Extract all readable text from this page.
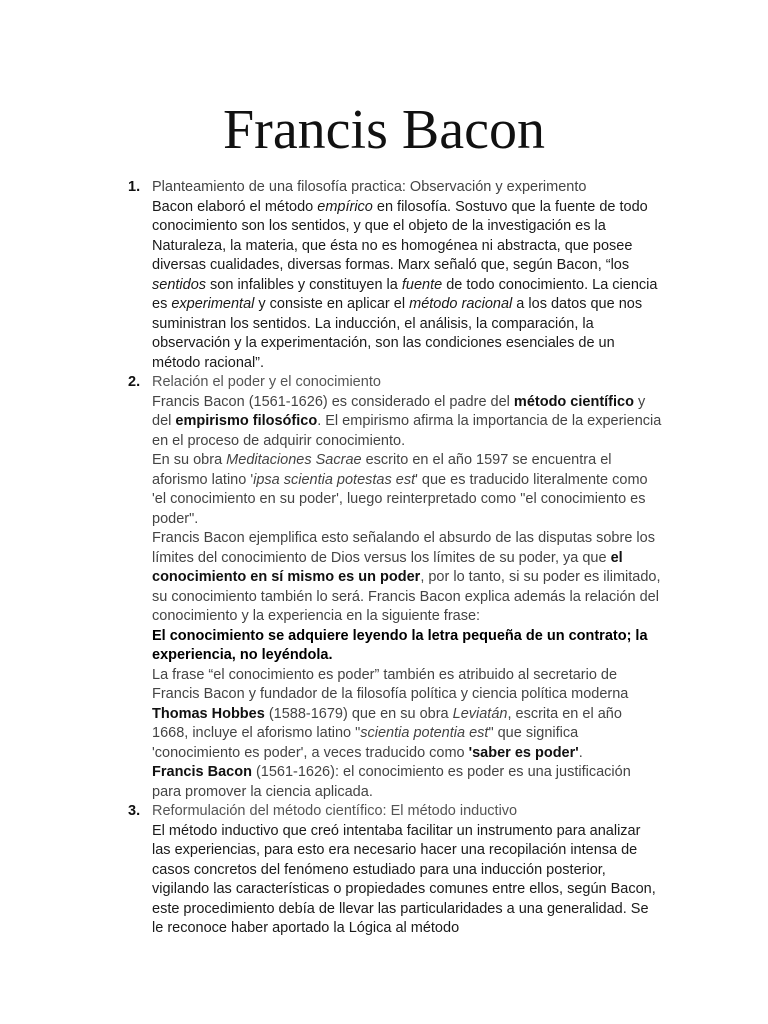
Francis Bacon
1. Planteamiento de una filosofía practica: Observación y experimento

Bacon elaboró el método empírico en filosofía. Sostuvo que la fuente de todo conocimiento son los sentidos, y que el objeto de la investigación es la Naturaleza, la materia, que ésta no es homogénea ni abstracta, que posee diversas cualidades, diversas formas. Marx señaló que, según Bacon, “los sentidos son infalibles y constituyen la fuente de todo conocimiento. La ciencia es experimental y consiste en aplicar el método racional a los datos que nos suministran los sentidos. La inducción, el análisis, la comparación, la observación y la experimentación, son las condiciones esenciales de un método racional”.

2. Relación el poder y el conocimiento

Francis Bacon (1561-1626) es considerado el padre del método científico y del empirismo filosófico. El empirismo afirma la importancia de la experiencia en el proceso de adquirir conocimiento.

En su obra Meditaciones Sacrae escrito en el año 1597 se encuentra el aforismo latino 'ipsa scientia potestas est' que es traducido literalmente como 'el conocimiento en su poder', luego reinterpretado como "el conocimiento es poder".

Francis Bacon ejemplifica esto señalando el absurdo de las disputas sobre los límites del conocimiento de Dios versus los límites de su poder, ya que el conocimiento en sí mismo es un poder, por lo tanto, si su poder es ilimitado, su conocimiento también lo será. Francis Bacon explica además la relación del conocimiento y la experiencia en la siguiente frase:

El conocimiento se adquiere leyendo la letra pequeña de un contrato; la experiencia, no leyéndola.

La frase “el conocimiento es poder” también es atribuido al secretario de Francis Bacon y fundador de la filosofía política y ciencia política moderna Thomas Hobbes (1588-1679) que en su obra Leviatán, escrita en el año 1668, incluye el aforismo latino "scientia potentia est" que significa 'conocimiento es poder', a veces traducido como 'saber es poder'.

Francis Bacon (1561-1626): el conocimiento es poder es una justificación para promover la ciencia aplicada.

3. Reformulación del método científico: El método inductivo

El método inductivo que creó intentaba facilitar un instrumento para analizar las experiencias, para esto era necesario hacer una recopilación intensa de casos concretos del fenómeno estudiado para una inducción posterior, vigilando las características o propiedades comunes entre ellos, según Bacon, este procedimiento debía de llevar las particularidades a una generalidad. Se le reconoce haber aportado la Lógica al método
